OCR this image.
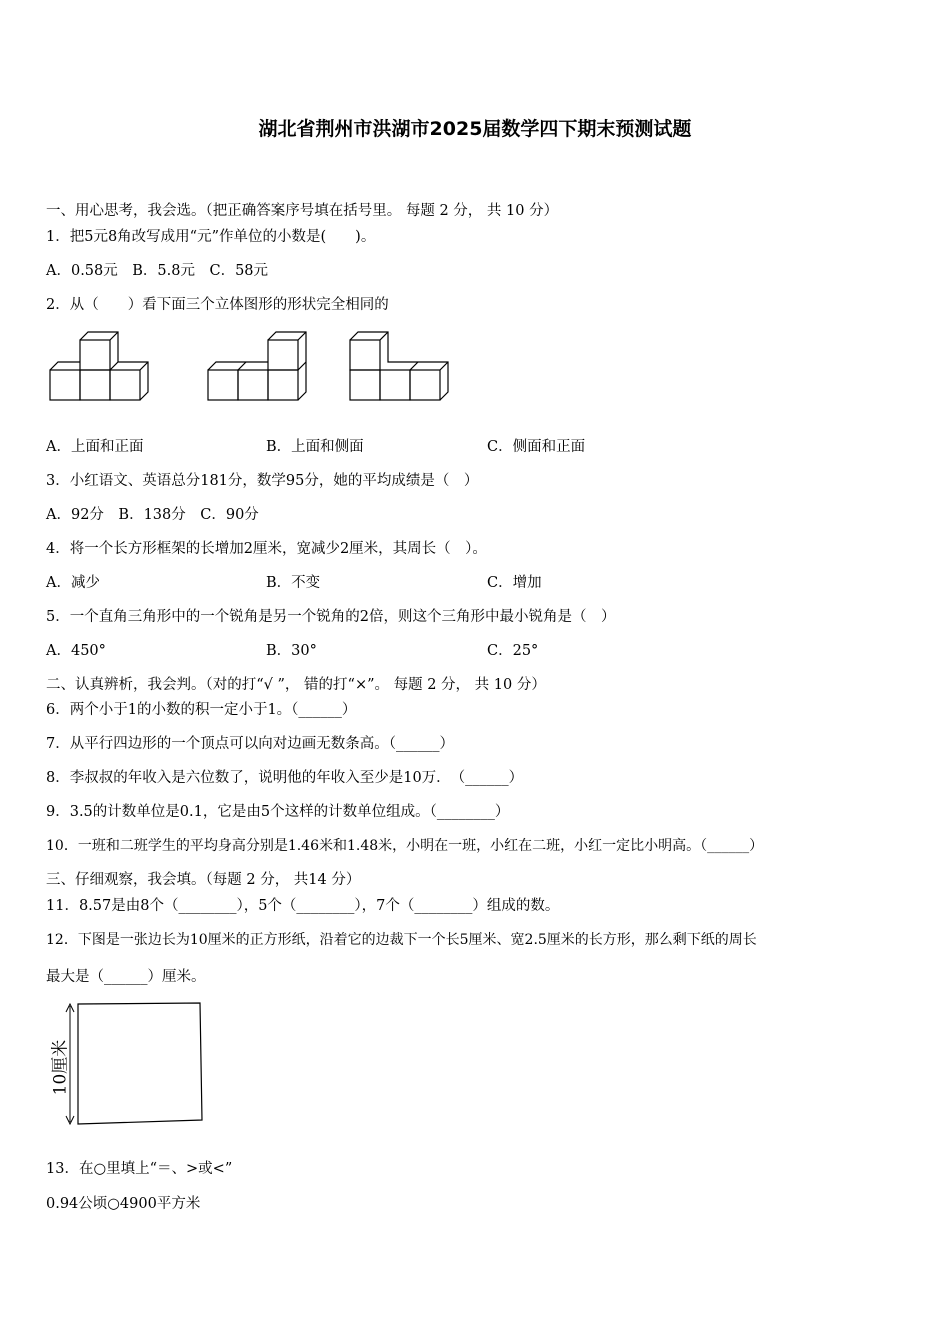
湖北省荆州市洪湖市2025届数学四下期末预测试题
一、用心思考，我会选。（把正确答案序号填在括号里。 每题 2 分， 共 10 分）
1．把5元8角改写成用“元”作单位的小数是(　　)。
A．0.58元　B．5.8元　C．58元
2．从（　　）看下面三个立体图形的形状完全相同的
A．上面和正面	B．上面和侧面	C．侧面和正面
3．小红语文、英语总分181分，数学95分，她的平均成绩是（　）
A．92分　B．138分　C．90分
4．将一个长方形框架的长增加2厘米，宽减少2厘米，其周长（　）。
A．减少	B．不变	C．增加
5．一个直角三角形中的一个锐角是另一个锐角的2倍，则这个三角形中最小锐角是（　）
A．450°	B．30°	C．25°
二、认真辨析，我会判。（对的打“√ ”， 错的打“×”。 每题 2 分， 共 10 分）
6．两个小于1的小数的积一定小于1。（______）
7．从平行四边形的一个顶点可以向对边画无数条高。（______）
8．李叔叔的年收入是六位数了，说明他的年收入至少是10万．　（______）
9．3.5的计数单位是0.1，它是由5个这样的计数单位组成。（________）
10．一班和二班学生的平均身高分别是1.46米和1.48米，小明在一班，小红在二班，小红一定比小明高。（______）
三、仔细观察，我会填。（每题 2 分， 共14 分）
11．8.57是由8个（________），5个（________），7个（________）组成的数。
12．下图是一张边长为10厘米的正方形纸，沿着它的边裁下一个长5厘米、宽2.5厘米的长方形，那么剩下纸的周长
最大是（______）厘米。
10厘米
13．在○里填上“＝、>或<”
0.94公顷○4900平方米
